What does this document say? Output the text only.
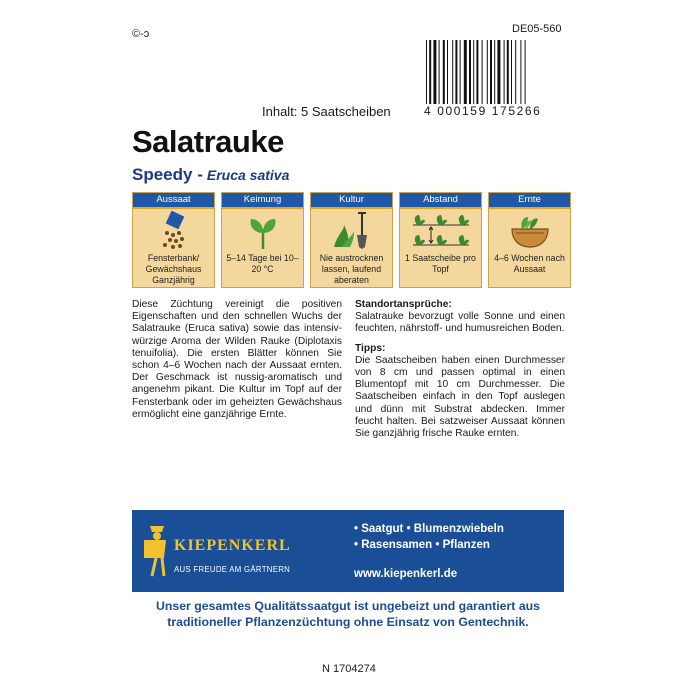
©-ↄ	DE05-560
4 000159 175266
Inhalt: 5 Saatscheiben
Salatrauke
Speedy - Eruca sativa
Aussaat
Fensterbank/ Gewächshaus Ganzjährig
Keimung
5–14 Tage bei 10–20 °C
Kultur
Nie austrocknen lassen, laufend aberaten
Abstand
1 Saatscheibe pro Topf
Ernte
4–6 Wochen nach Aussaat
Diese Züchtung vereinigt die positiven Eigenschaften und den schnellen Wuchs der Salatrauke (Eruca sativa) sowie das intensiv-würzige Aroma der Wilden Rauke (Diplotaxis tenuifolia). Die ersten Blätter können Sie schon 4–6 Wochen nach der Aussaat ernten. Der Geschmack ist nussig-aromatisch und angenehm pikant. Die Kultur im Topf auf der Fensterbank oder im geheizten Gewächshaus ermöglicht eine ganzjährige Ernte.
Standortansprüche:

Salatrauke bevorzugt volle Sonne und einen feuchten, nährstoff- und humusreichen Boden.

Tipps:

Die Saatscheiben haben einen Durchmesser von 8 cm und passen optimal in einen Blumentopf mit 10 cm Durchmesser. Die Saatscheiben einfach in den Topf auslegen und dünn mit Substrat abdecken. Immer feucht halten. Bei satzweiser Aussaat können Sie ganzjährig frische Rauke ernten.

KIEPENKERL
AUS FREUDE AM GÄRTNERN
• Saatgut • Blumenzwiebeln
• Rasensamen • Pflanzen
www.kiepenkerl.de
Unser gesamtes Qualitätssaatgut ist ungebeizt und garantiert aus traditioneller Pflanzenzüchtung ohne Einsatz von Gentechnik.
N 1704274
